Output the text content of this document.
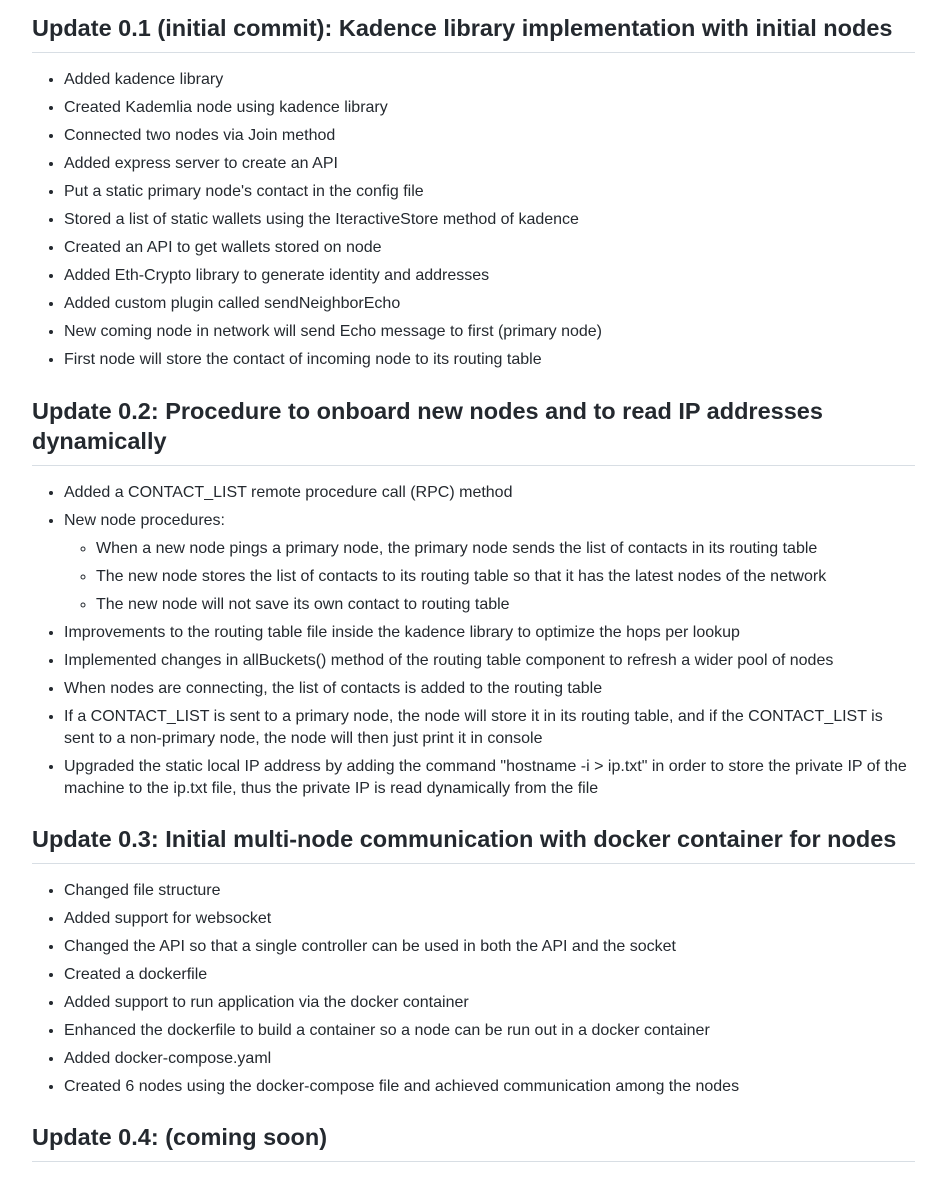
Update 0.1 (initial commit): Kadence library implementation with initial nodes
• Added kadence library
• Created Kademlia node using kadence library
• Connected two nodes via Join method
• Added express server to create an API
• Put a static primary node's contact in the config file
• Stored a list of static wallets using the IteractiveStore method of kadence
• Created an API to get wallets stored on node
• Added Eth-Crypto library to generate identity and addresses
• Added custom plugin called sendNeighborEcho
• New coming node in network will send Echo message to first (primary node)
• First node will store the contact of incoming node to its routing table
Update 0.2: Procedure to onboard new nodes and to read IP addresses dynamically
• Added a CONTACT_LIST remote procedure call (RPC) method
• New node procedures:
◦ When a new node pings a primary node, the primary node sends the list of contacts in its routing table
◦ The new node stores the list of contacts to its routing table so that it has the latest nodes of the network
◦ The new node will not save its own contact to routing table
• Improvements to the routing table file inside the kadence library to optimize the hops per lookup
• Implemented changes in allBuckets() method of the routing table component to refresh a wider pool of nodes
• When nodes are connecting, the list of contacts is added to the routing table
• If a CONTACT_LIST is sent to a primary node, the node will store it in its routing table, and if the CONTACT_LIST is sent to a non-primary node, the node will then just print it in console
• Upgraded the static local IP address by adding the command "hostname -i > ip.txt" in order to store the private IP of the machine to the ip.txt file, thus the private IP is read dynamically from the file
Update 0.3: Initial multi-node communication with docker container for nodes
• Changed file structure
• Added support for websocket
• Changed the API so that a single controller can be used in both the API and the socket
• Created a dockerfile
• Added support to run application via the docker container
• Enhanced the dockerfile to build a container so a node can be run out in a docker container
• Added docker-compose.yaml
• Created 6 nodes using the docker-compose file and achieved communication among the nodes
Update 0.4: (coming soon)
